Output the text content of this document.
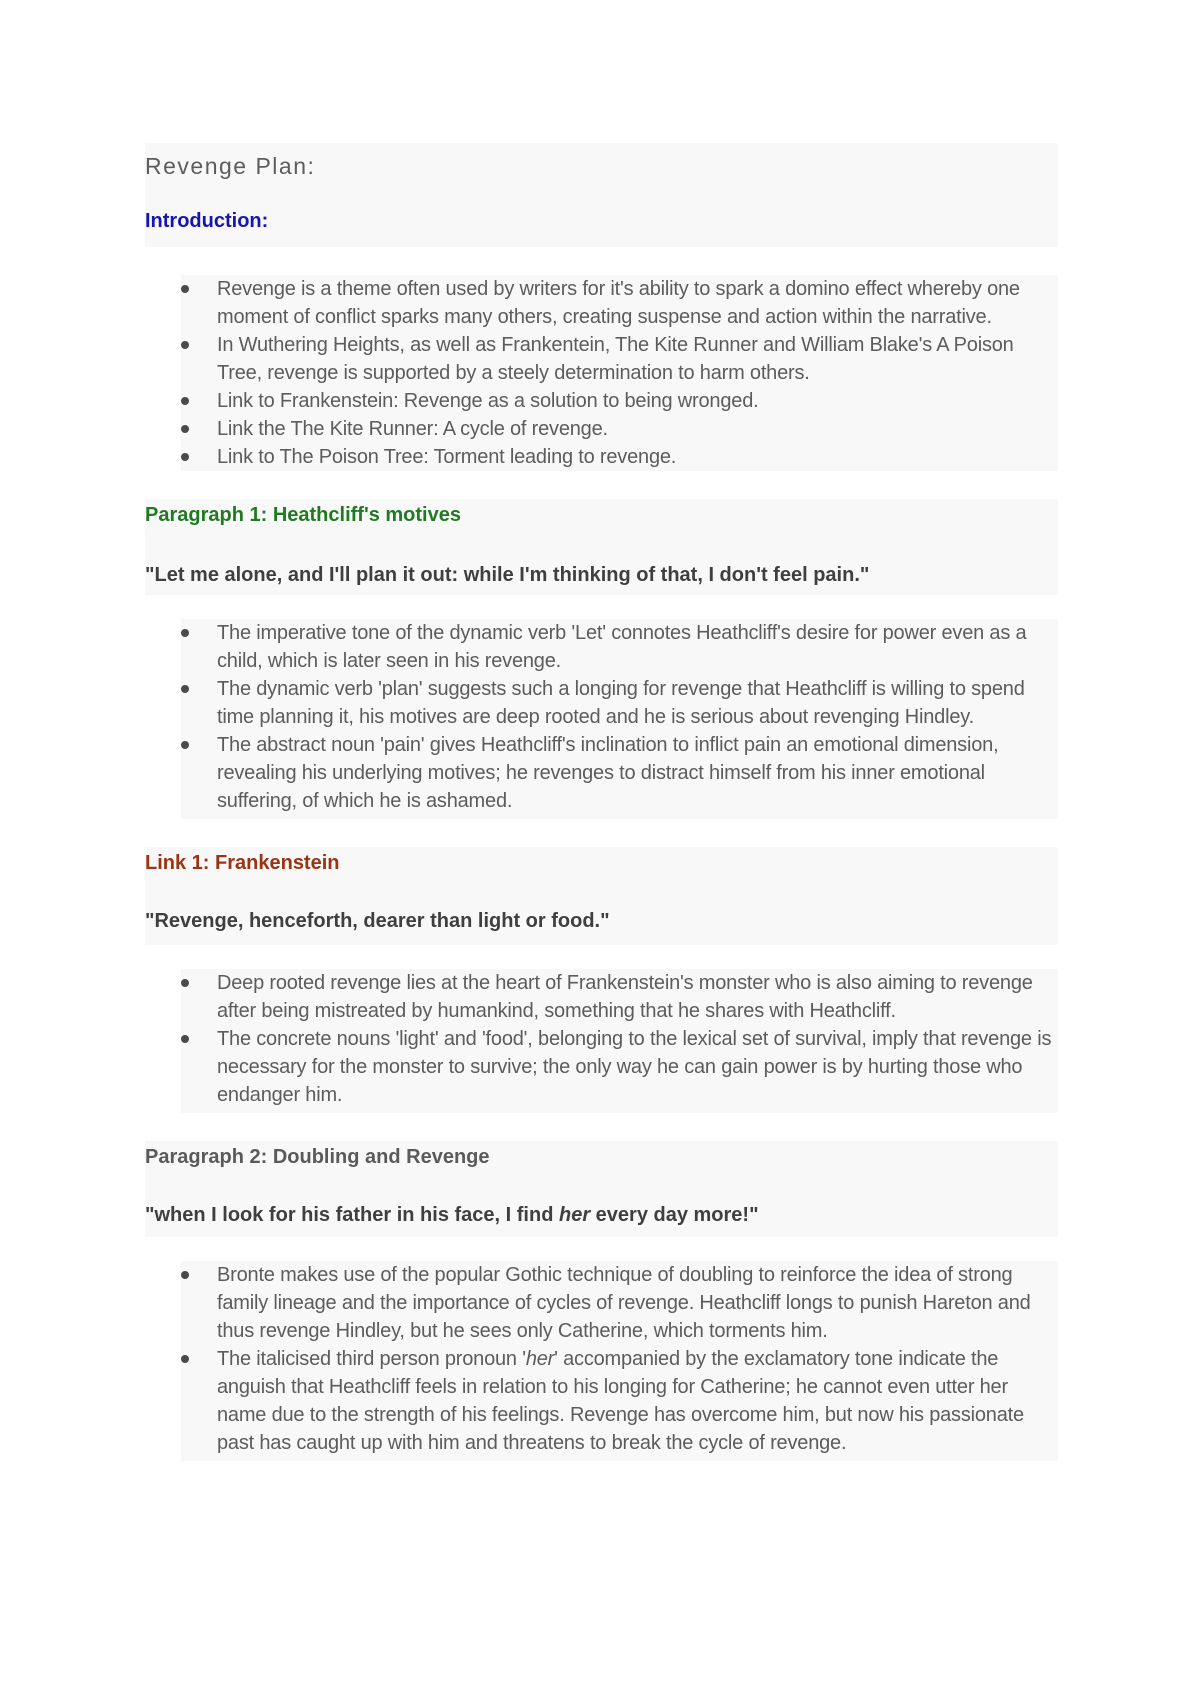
Revenge Plan:
Introduction:
Revenge is a theme often used by writers for it's ability to spark a domino effect whereby one moment of conflict sparks many others, creating suspense and action within the narrative.
In Wuthering Heights, as well as Frankentein, The Kite Runner and William Blake's A Poison Tree, revenge is supported by a steely determination to harm others.
Link to Frankenstein: Revenge as a solution to being wronged.
Link the The Kite Runner: A cycle of revenge.
Link to The Poison Tree: Torment leading to revenge.
Paragraph 1: Heathcliff's motives
"Let me alone, and I'll plan it out: while I'm thinking of that, I don't feel pain."
The imperative tone of the dynamic verb 'Let' connotes Heathcliff's desire for power even as a child, which is later seen in his revenge.
The dynamic verb 'plan' suggests such a longing for revenge that Heathcliff is willing to spend time planning it, his motives are deep rooted and he is serious about revenging Hindley.
The abstract noun 'pain' gives Heathcliff's inclination to inflict pain an emotional dimension, revealing his underlying motives; he revenges to distract himself from his inner emotional suffering, of which he is ashamed.
Link 1: Frankenstein
"Revenge, henceforth, dearer than light or food."
Deep rooted revenge lies at the heart of Frankenstein's monster who is also aiming to revenge after being mistreated by humankind, something that he shares with Heathcliff.
The concrete nouns 'light' and 'food', belonging to the lexical set of survival, imply that revenge is necessary for the monster to survive; the only way he can gain power is by hurting those who endanger him.
Paragraph 2: Doubling and Revenge
"when I look for his father in his face, I find her every day more!"
Bronte makes use of the popular Gothic technique of doubling to reinforce the idea of strong family lineage and the importance of cycles of revenge. Heathcliff longs to punish Hareton and thus revenge Hindley, but he sees only Catherine, which torments him.
The italicised third person pronoun 'her' accompanied by the exclamatory tone indicate the anguish that Heathcliff feels in relation to his longing for Catherine; he cannot even utter her name due to the strength of his feelings. Revenge has overcome him, but now his passionate past has caught up with him and threatens to break the cycle of revenge.
